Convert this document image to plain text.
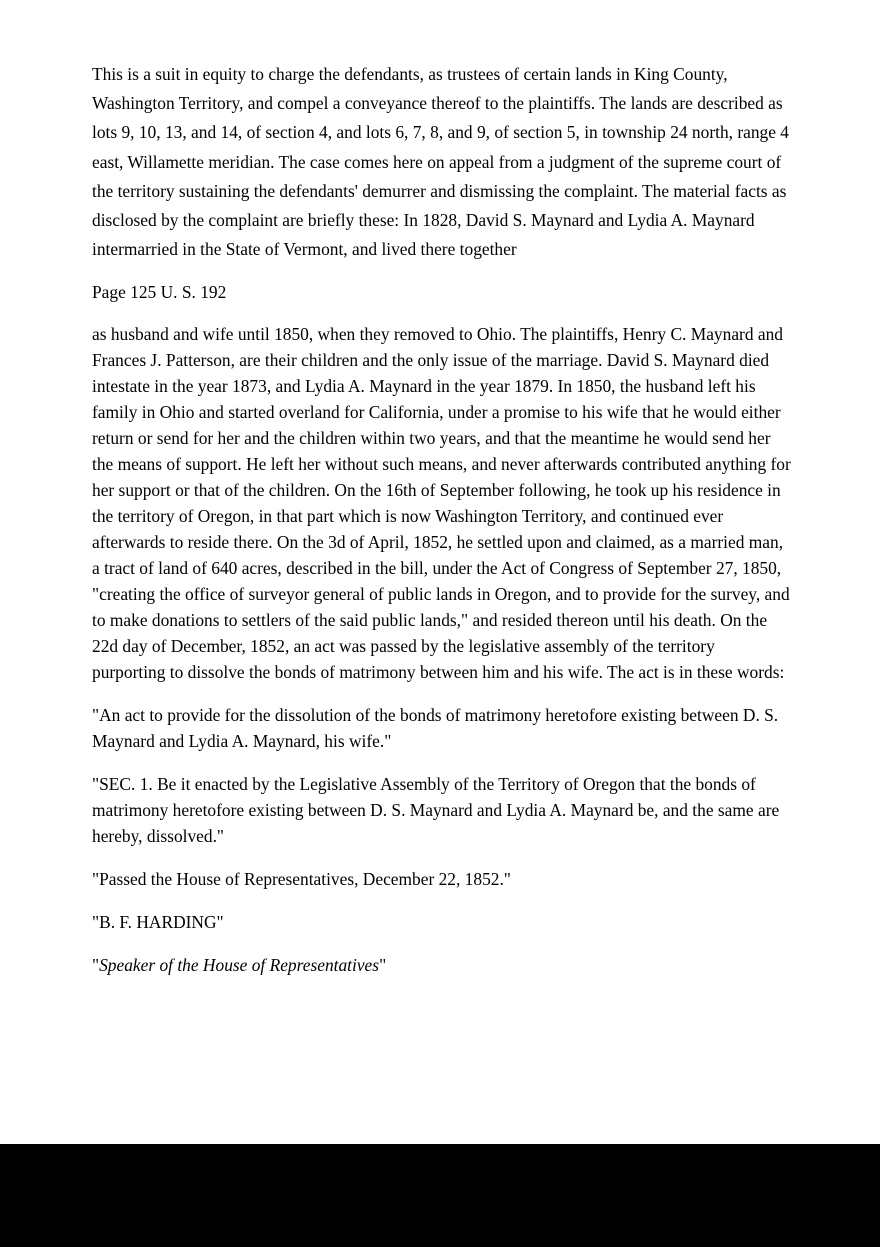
This is a suit in equity to charge the defendants, as trustees of certain lands in King County, Washington Territory, and compel a conveyance thereof to the plaintiffs. The lands are described as lots 9, 10, 13, and 14, of section 4, and lots 6, 7, 8, and 9, of section 5, in township 24 north, range 4 east, Willamette meridian. The case comes here on appeal from a judgment of the supreme court of the territory sustaining the defendants' demurrer and dismissing the complaint. The material facts as disclosed by the complaint are briefly these: In 1828, David S. Maynard and Lydia A. Maynard intermarried in the State of Vermont, and lived there together

Page 125 U. S. 192

as husband and wife until 1850, when they removed to Ohio. The plaintiffs, Henry C. Maynard and Frances J. Patterson, are their children and the only issue of the marriage. David S. Maynard died intestate in the year 1873, and Lydia A. Maynard in the year 1879. In 1850, the husband left his family in Ohio and started overland for California, under a promise to his wife that he would either return or send for her and the children within two years, and that the meantime he would send her the means of support. He left her without such means, and never afterwards contributed anything for her support or that of the children. On the 16th of September following, he took up his residence in the territory of Oregon, in that part which is now Washington Territory, and continued ever afterwards to reside there. On the 3d of April, 1852, he settled upon and claimed, as a married man, a tract of land of 640 acres, described in the bill, under the Act of Congress of September 27, 1850, "creating the office of surveyor general of public lands in Oregon, and to provide for the survey, and to make donations to settlers of the said public lands," and resided thereon until his death. On the 22d day of December, 1852, an act was passed by the legislative assembly of the territory purporting to dissolve the bonds of matrimony between him and his wife. The act is in these words:

"An act to provide for the dissolution of the bonds of matrimony heretofore existing between D. S. Maynard and Lydia A. Maynard, his wife."

"SEC. 1. Be it enacted by the Legislative Assembly of the Territory of Oregon that the bonds of matrimony heretofore existing between D. S. Maynard and Lydia A. Maynard be, and the same are hereby, dissolved."

"Passed the House of Representatives, December 22, 1852."

"B. F. HARDING"

"Speaker of the House of Representatives"
